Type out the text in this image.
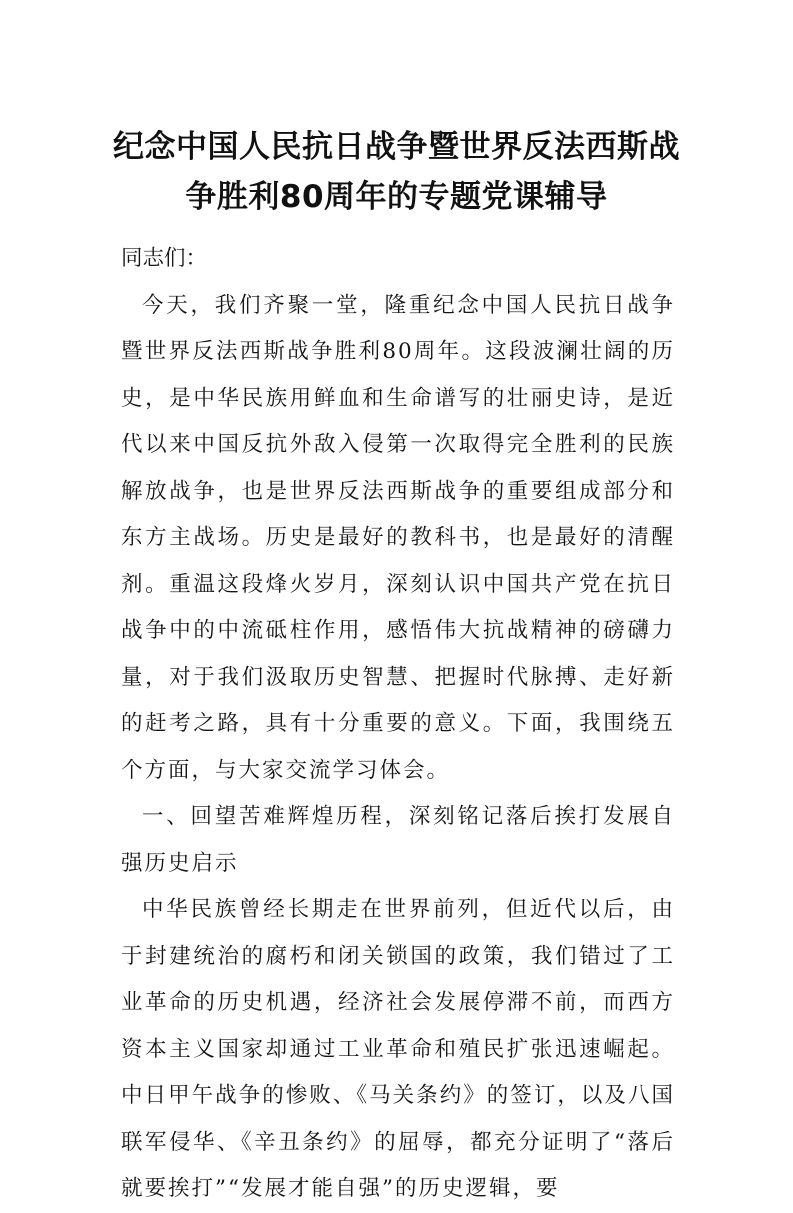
纪念中国人民抗日战争暨世界反法西斯战
争胜利80周年的专题党课辅导

同志们：

今天，我们齐聚一堂，隆重纪念中国人民抗日战争暨世界反法西斯战争胜利80周年。这段波澜壮阔的历史，是中华民族用鲜血和生命谱写的壮丽史诗，是近代以来中国反抗外敌入侵第一次取得完全胜利的民族解放战争，也是世界反法西斯战争的重要组成部分和东方主战场。历史是最好的教科书，也是最好的清醒剂。重温这段烽火岁月，深刻认识中国共产党在抗日战争中的中流砥柱作用，感悟伟大抗战精神的磅礴力量，对于我们汲取历史智慧、把握时代脉搏、走好新的赶考之路，具有十分重要的意义。下面，我围绕五个方面，与大家交流学习体会。

一、回望苦难辉煌历程，深刻铭记落后挨打发展自强历史启示

中华民族曾经长期走在世界前列，但近代以后，由于封建统治的腐朽和闭关锁国的政策，我们错过了工业革命的历史机遇，经济社会发展停滞不前，而西方资本主义国家却通过工业革命和殖民扩张迅速崛起。中日甲午战争的惨败、《马关条约》的签订，以及八国联军侵华、《辛丑条约》的屈辱，都充分证明了“落后就要挨打”“发展才能自强”的历史逻辑，要
